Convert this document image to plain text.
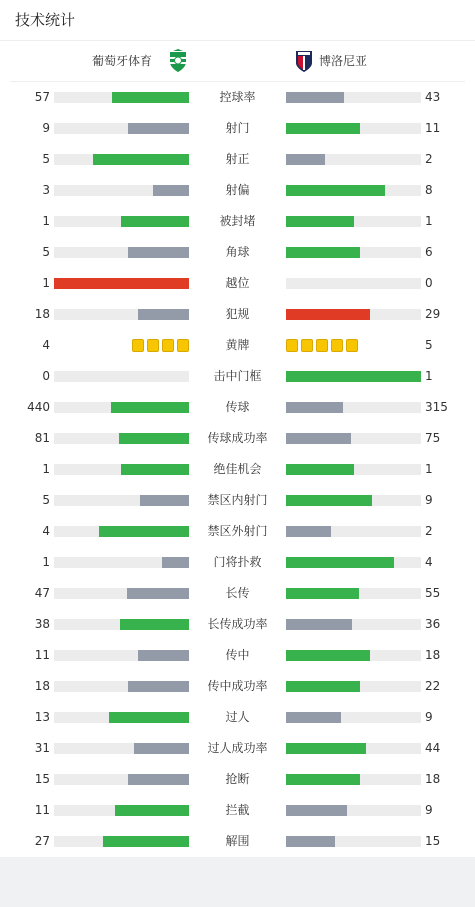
技术统计
葡萄牙体育	博洛尼亚
57	控球率	43
9	射门	11
5	射正	2
3	射偏	8
1	被封堵	1
5	角球	6
1	越位	0
18	犯规	29
4	黄牌	5
0	击中门框	1
440	传球	315
81	传球成功率	75
1	绝佳机会	1
5	禁区内射门	9
4	禁区外射门	2
1	门将扑救	4
47	长传	55
38	长传成功率	36
11	传中	18
18	传中成功率	22
13	过人	9
31	过人成功率	44
15	抢断	18
11	拦截	9
27	解围	15
